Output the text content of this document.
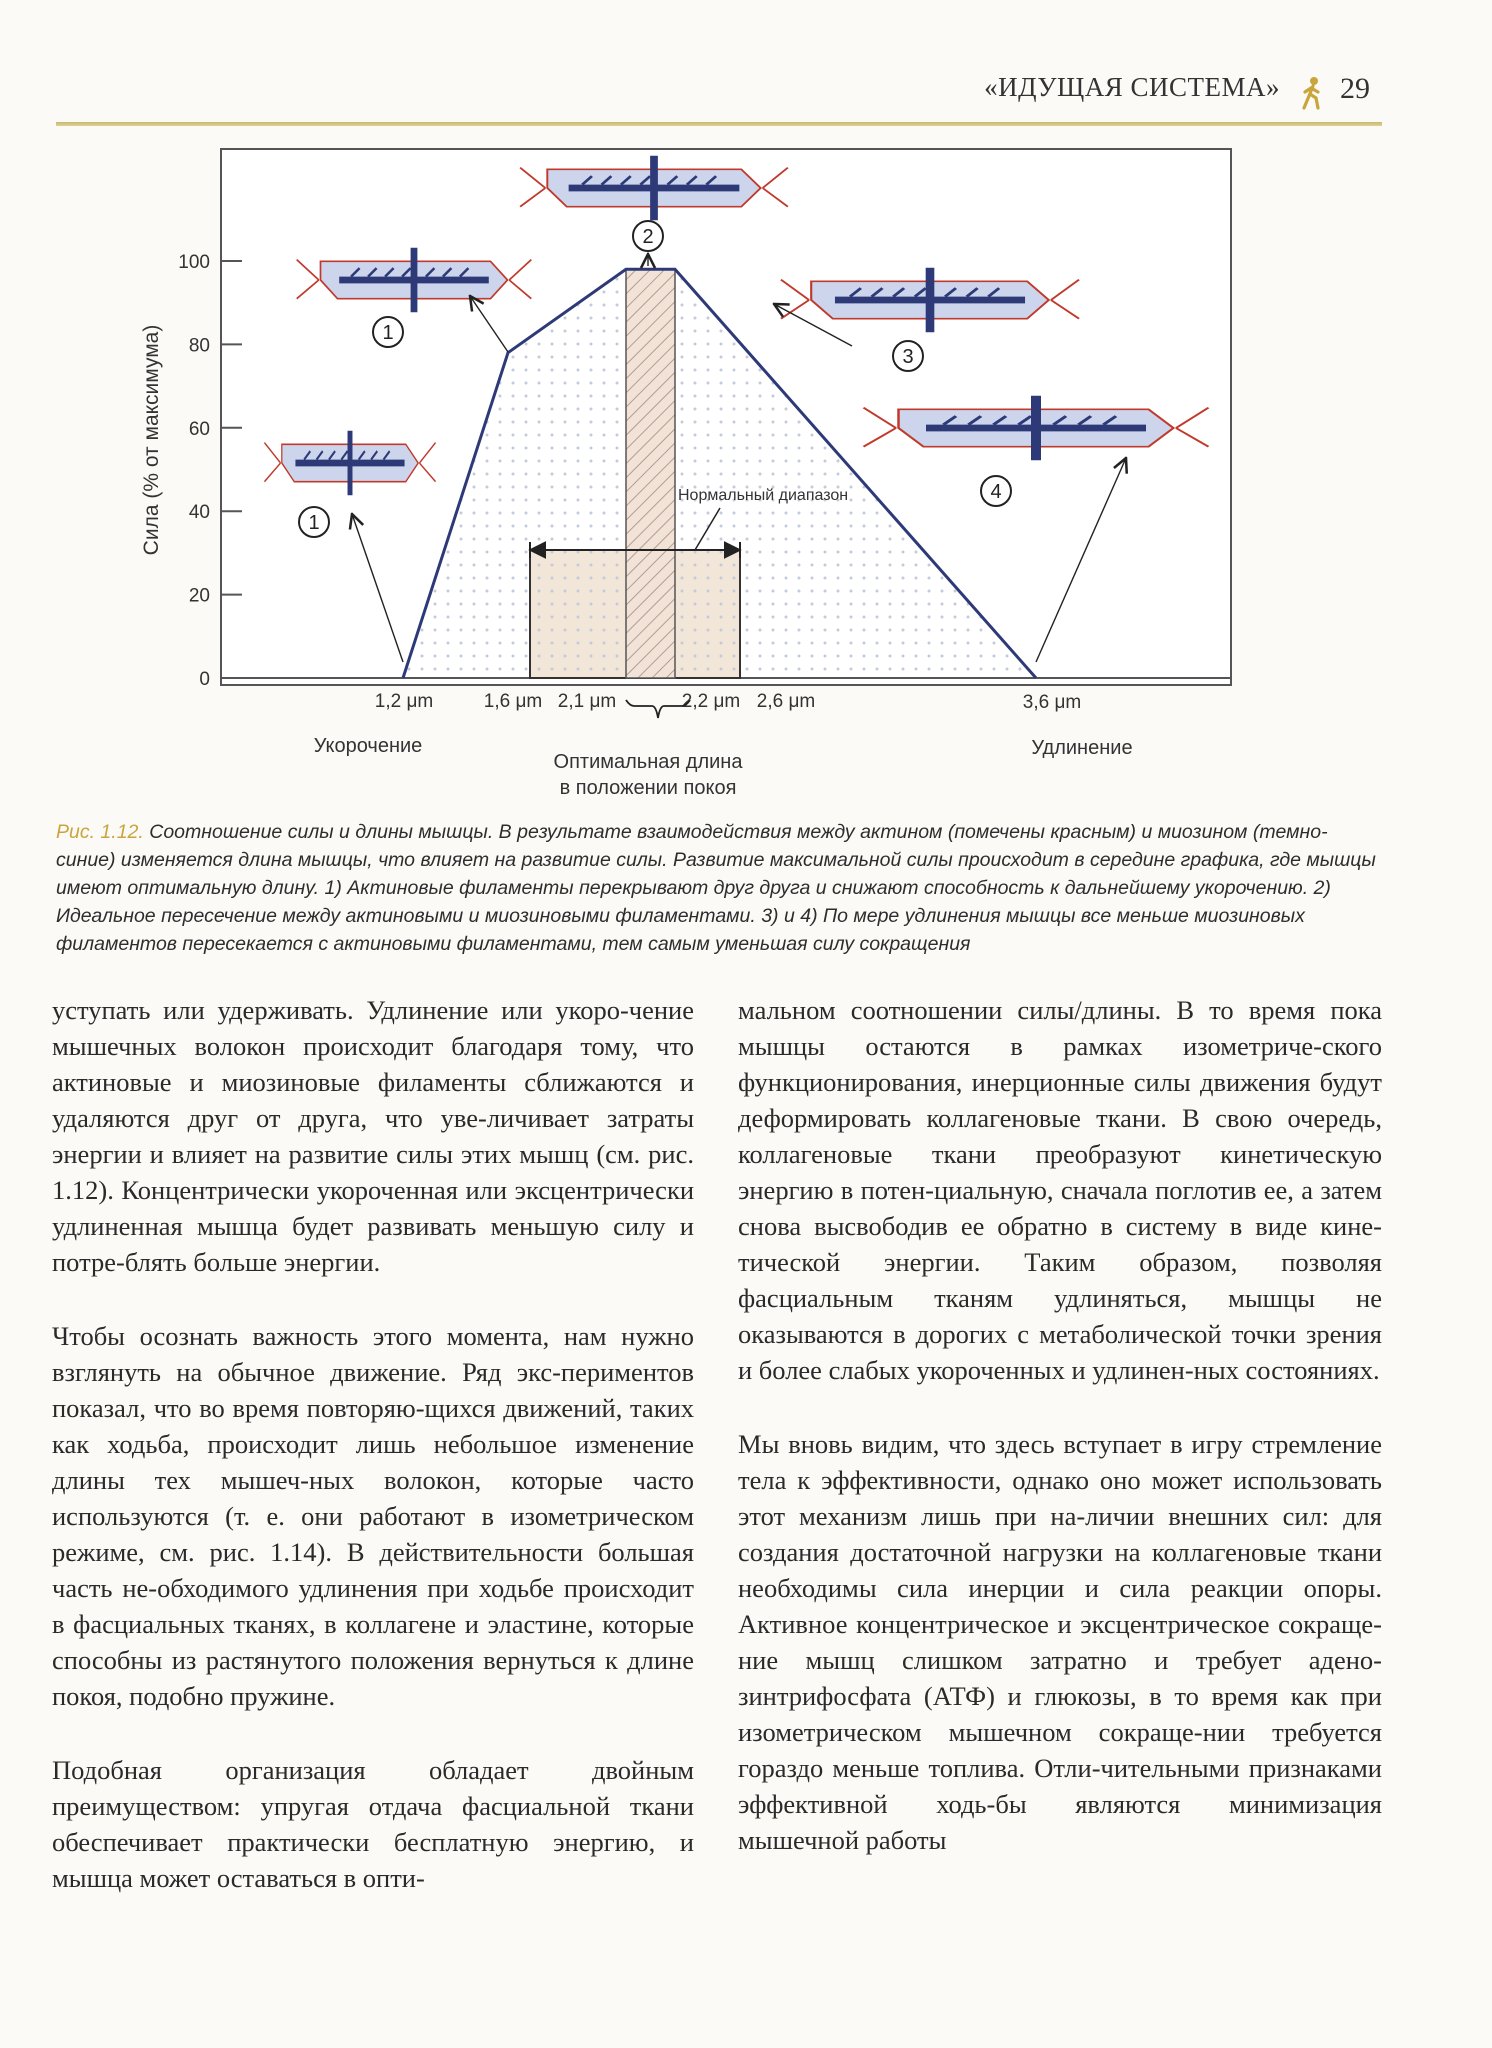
«ИДУЩАЯ СИСТЕМА» 29
0
20
40
60
80
100
Сила (% от максимума)	Нормальный диапазон
1,2 μm	1,6 μm 2,1 μm	2,2 μm 2,6 μm	3,6 μm
Оптимальная длина
в положении покоя
Укорочение	Удлинение
1
1
2
3
4
Рис. 1.12. Соотношение силы и длины мышцы. В результате взаимодействия между актином (помечены красным) и миозином (темно-синие) изменяется длина мышцы, что влияет на развитие силы. Развитие максимальной силы происходит в середине графика, где мышцы имеют оптимальную длину. 1) Актиновые филаменты перекрывают друг друга и снижают способность к дальнейшему укорочению. 2) Идеальное пересечение между актиновыми и миозиновыми филаментами. 3) и 4) По мере удлинения мышцы все меньше миозиновых филаментов пересекается с актиновыми филаментами, тем самым уменьшая силу сокращения

уступать или удерживать. Удлинение или укоро-чение мышечных волокон происходит благодаря тому, что актиновые и миозиновые филаменты сближаются и удаляются друг от друга, что уве-личивает затраты энергии и влияет на развитие силы этих мышц (см. рис. 1.12). Концентрически укороченная или эксцентрически удлиненная мышца будет развивать меньшую силу и потре-блять больше энергии.

Чтобы осознать важность этого момента, нам нужно взглянуть на обычное движение. Ряд экс-периментов показал, что во время повторяю-щихся движений, таких как ходьба, происходит лишь небольшое изменение длины тех мышеч-ных волокон, которые часто используются (т. е. они работают в изометрическом режиме, см. рис. 1.14). В действительности большая часть не-обходимого удлинения при ходьбе происходит в фасциальных тканях, в коллагене и эластине, которые способны из растянутого положения вернуться к длине покоя, подобно пружине.

Подобная организация обладает двойным преимуществом: упругая отдача фасциальной ткани обеспечивает практически бесплатную энергию, и мышца может оставаться в опти-

мальном соотношении силы/длины. В то время пока мышцы остаются в рамках изометриче-ского функционирования, инерционные силы движения будут деформировать коллагеновые ткани. В свою очередь, коллагеновые ткани преобразуют кинетическую энергию в потен-циальную, сначала поглотив ее, а затем снова высвободив ее обратно в систему в виде кине-тической энергии. Таким образом, позволяя фасциальным тканям удлиняться, мышцы не оказываются в дорогих с метаболической точки зрения и более слабых укороченных и удлинен-ных состояниях.

Мы вновь видим, что здесь вступает в игру стремление тела к эффективности, однако оно может использовать этот механизм лишь при на-личии внешних сил: для создания достаточной нагрузки на коллагеновые ткани необходимы сила инерции и сила реакции опоры. Активное концентрическое и эксцентрическое сокраще-ние мышц слишком затратно и требует адено-зинтрифосфата (АТФ) и глюкозы, в то время как при изометрическом мышечном сокраще-нии требуется гораздо меньше топлива. Отли-чительными признаками эффективной ходь-бы являются минимизация мышечной работы
